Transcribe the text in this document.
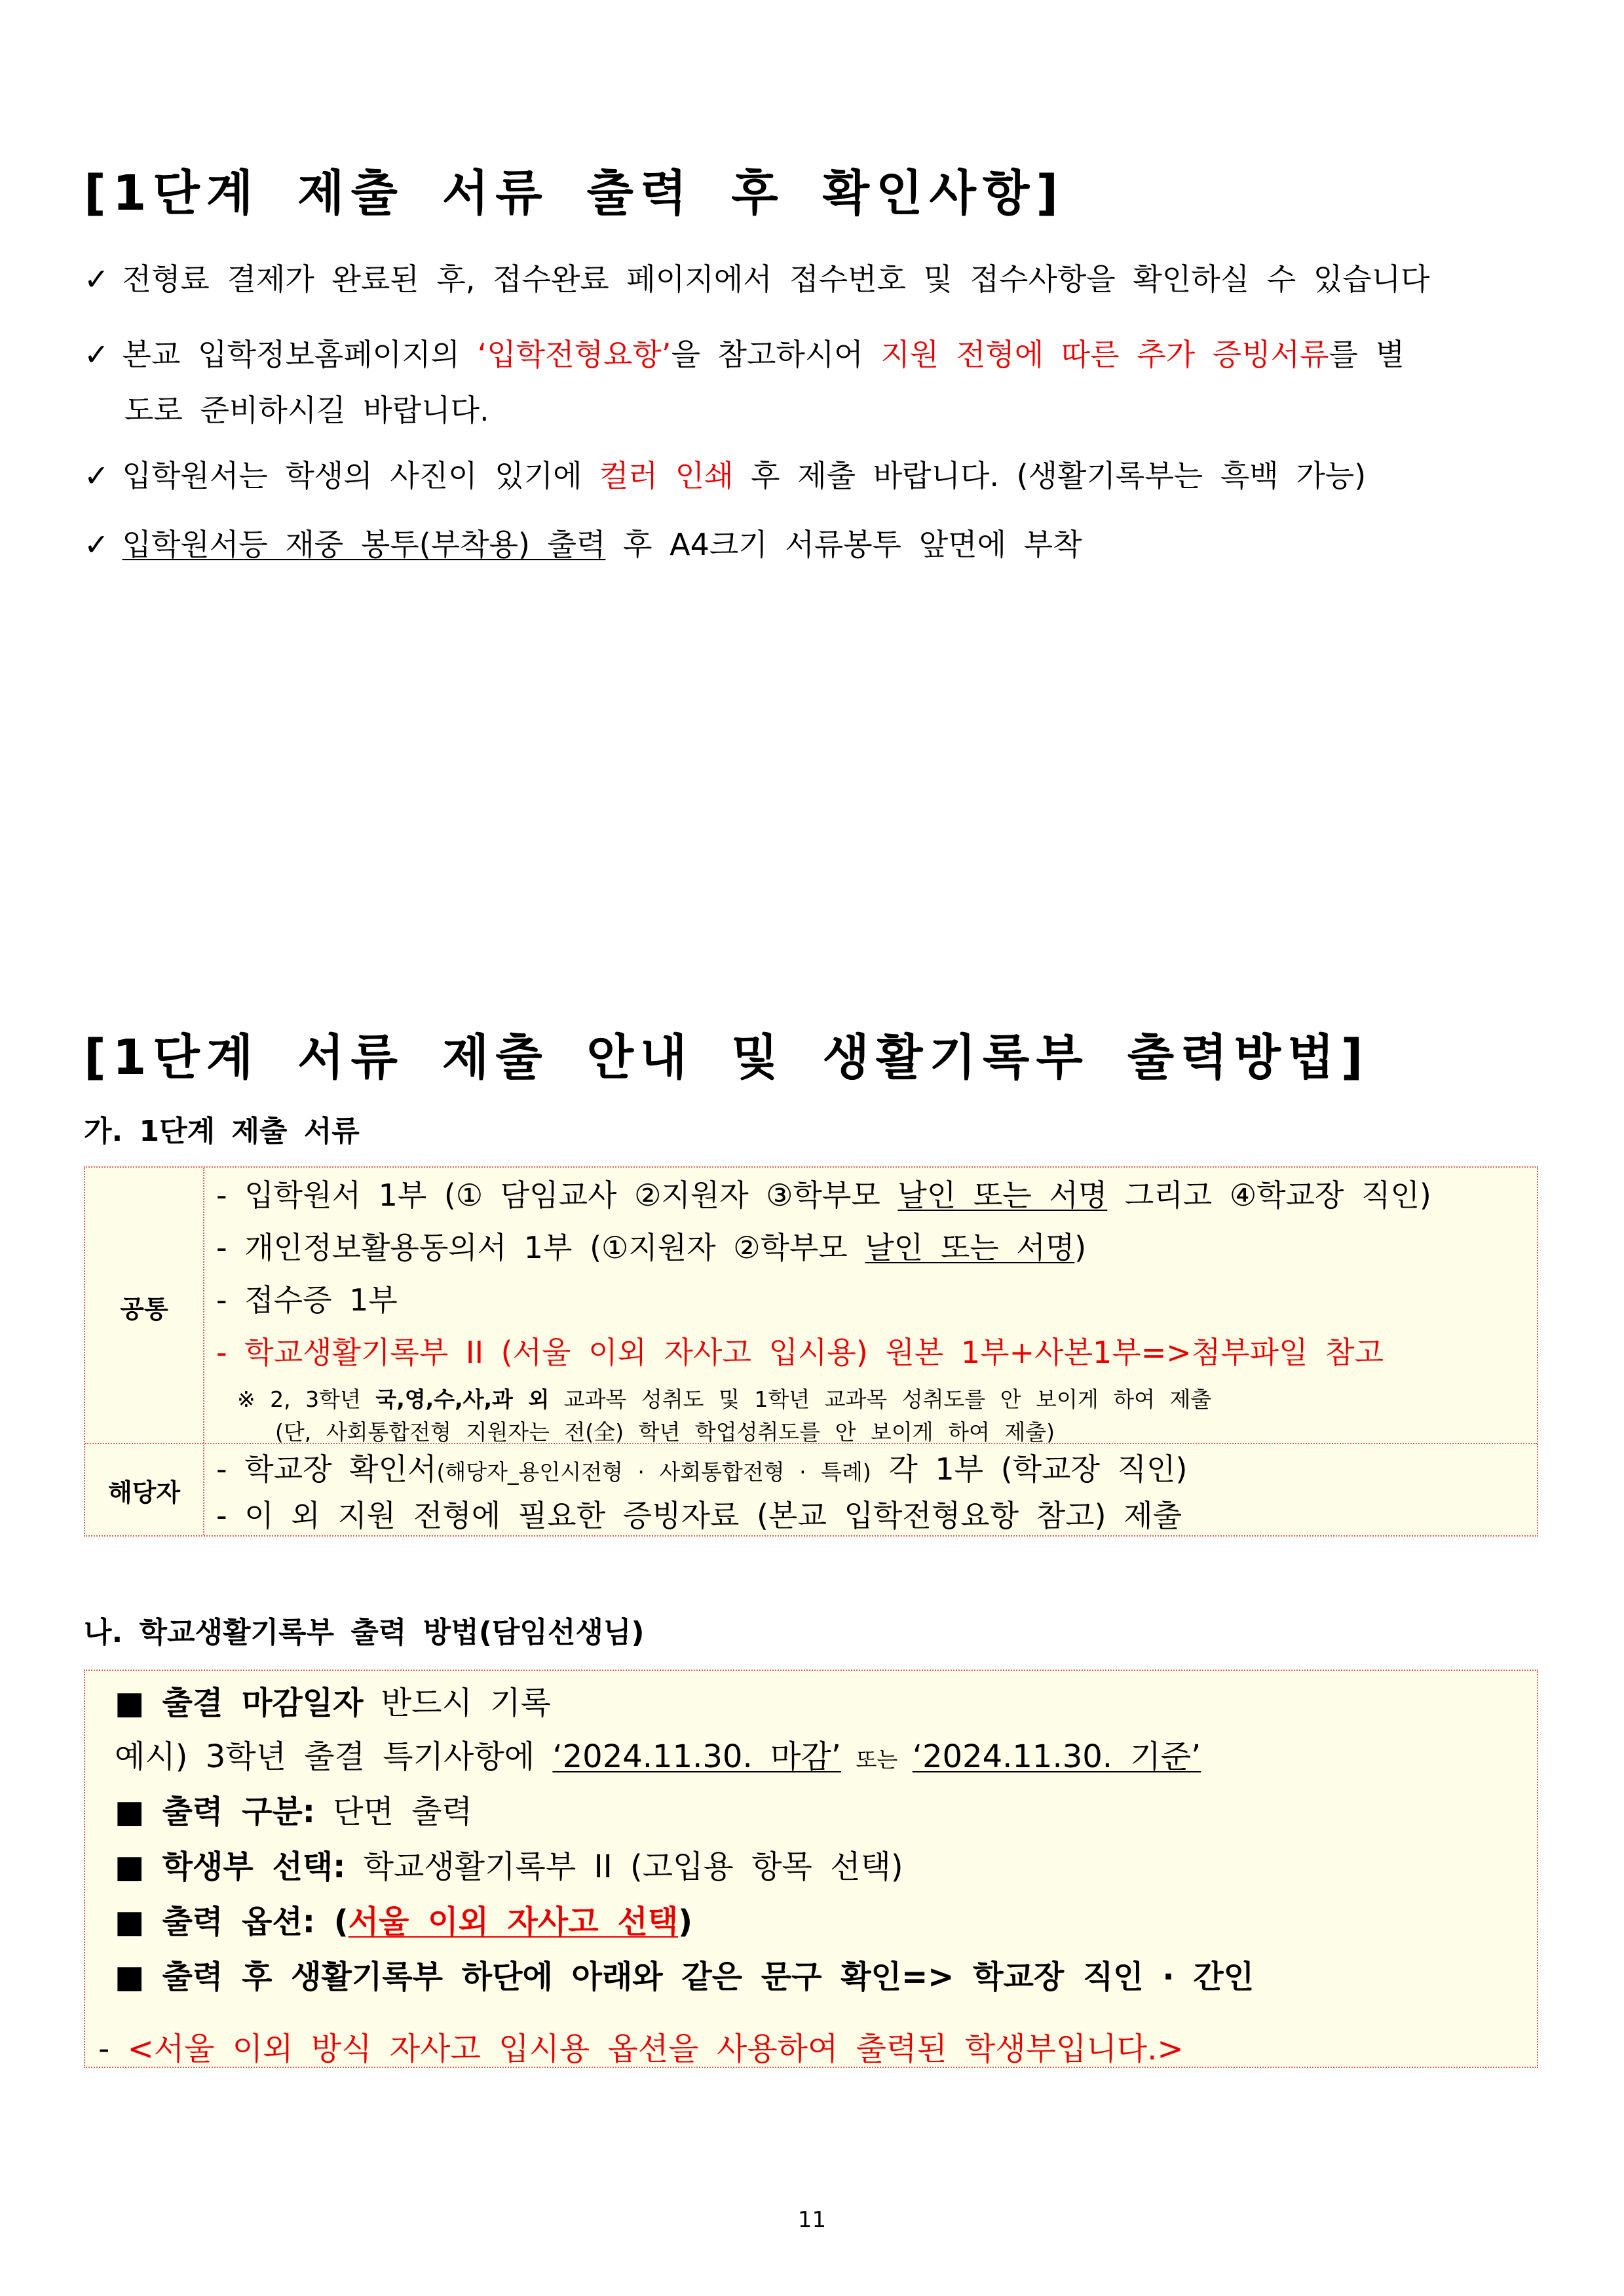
[1단계 제출 서류 출력 후 확인사항]
✓ 전형료 결제가 완료된 후, 접수완료 페이지에서 접수번호 및 접수사항을 확인하실 수 있습니다
✓ 본교 입학정보홈페이지의 ‘입학전형요항’을 참고하시어 지원 전형에 따른 추가 증빙서류를 별
도로 준비하시길 바랍니다.
✓ 입학원서는 학생의 사진이 있기에 컬러 인쇄 후 제출 바랍니다. (생활기록부는 흑백 가능)
✓ 입학원서등 재중 봉투(부착용) 출력 후 A4크기 서류봉투 앞면에 부착
[1단계 서류 제출 안내 및 생활기록부 출력방법]
가. 1단계 제출 서류
공통
해당자
- 입학원서 1부 (① 담임교사 ②지원자 ③학부모 날인 또는 서명 그리고 ④학교장 직인)
- 개인정보활용동의서 1부 (①지원자 ②학부모 날인 또는 서명)
- 접수증 1부
- 학교생활기록부 II (서울 이외 자사고 입시용) 원본 1부+사본1부=>첨부파일 참고
※ 2, 3학년 국,영,수,사,과 외 교과목 성취도 및 1학년 교과목 성취도를 안 보이게 하여 제출
(단, 사회통합전형 지원자는 전(全) 학년 학업성취도를 안 보이게 하여 제출)
- 학교장 확인서(해당자_용인시전형 · 사회통합전형 · 특례) 각 1부 (학교장 직인)
- 이 외 지원 전형에 필요한 증빙자료 (본교 입학전형요항 참고) 제출
나. 학교생활기록부 출력 방법(담임선생님)
■ 출결 마감일자 반드시 기록
예시) 3학년 출결 특기사항에 ‘2024.11.30. 마감’ 또는 ‘2024.11.30. 기준’
■ 출력 구분: 단면 출력
■ 학생부 선택: 학교생활기록부 II (고입용 항목 선택)
■ 출력 옵션: (서울 이외 자사고 선택)
■ 출력 후 생활기록부 하단에 아래와 같은 문구 확인=> 학교장 직인 · 간인
- <서울 이외 방식 자사고 입시용 옵션을 사용하여 출력된 학생부입니다.>
11
